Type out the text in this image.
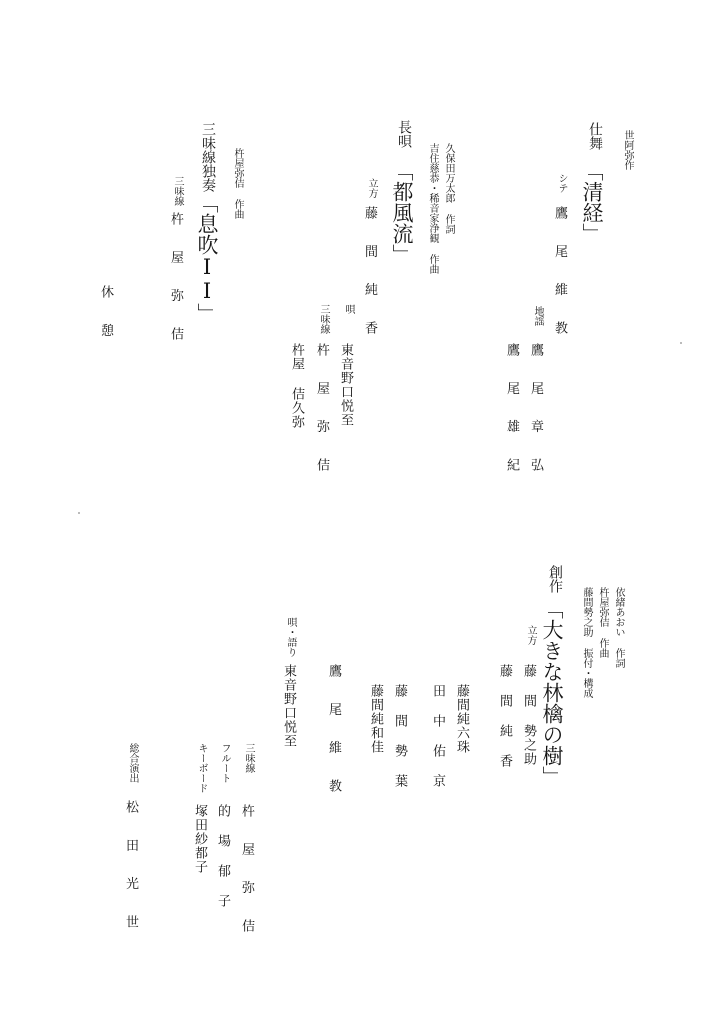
世阿弥作
仕舞
「清経」
シテ
鷹 尾 維 教
地謡
鷹 尾 章 弘
鷹 尾 雄 紀
久保田万太郎 作詞
吉住慈恭・稀音家浄観 作曲
長唄
「都風流」
立方
藤 間 純 香
唄
東音野口悦至
三味線
杵 屋 弥 佶
杵屋 佶久弥
杵屋弥佶 作曲
三味線独奏
「息吹II」
三味線
杵 屋 弥 佶
休 憩
依緒あおい 作詞
杵屋弥佶 作曲
藤間勢之助 振付・構成
創作
「大きな林檎の樹」
立方
藤 間 勢之助
藤 間 純 香
藤間純六珠
田 中 佑 京
藤 間 勢 葉
藤間純和佳
鷹 尾 維 教
唄・語り
東音野口悦至
三味線
杵 屋 弥 佶
フルート
的 場 郁 子
キーボード
塚田紗都子
総合演出
松 田 光 世
